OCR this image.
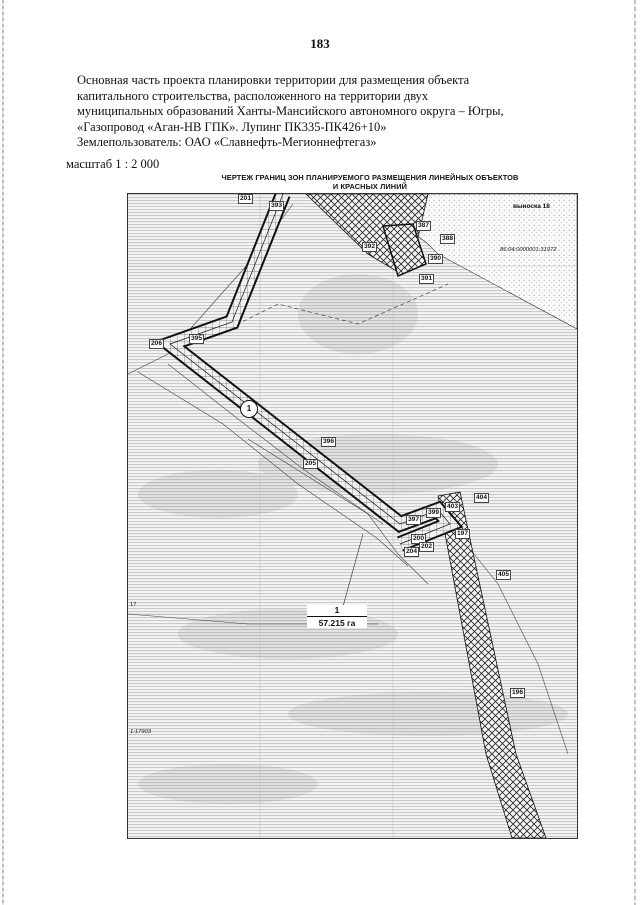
183
Основная часть проекта планировки территории для размещения объекта
капитального строительства, расположенного на территории двух
муниципальных образований Ханты-Мансийского автономного округа – Югры,
«Газопровод «Аган-НВ ГПК». Лупинг ПК335-ПК426+10»
Землепользователь: ОАО «Славнефть-Мегионнефтегаз»
масштаб 1 : 2 000
ЧЕРТЕЖ ГРАНИЦ ЗОН ПЛАНИРУЕМОГО РАЗМЕЩЕНИЯ ЛИНЕЙНЫХ ОБЪЕКТОВ
И КРАСНЫХ ЛИНИЙ
выноска 18
86:04:0000001:31972
1:17903
17
1
1
57.215 га
201
393
387
388
392
390
391
206
395
396
205
404
403
399
397
200
197
202
204
405
196
